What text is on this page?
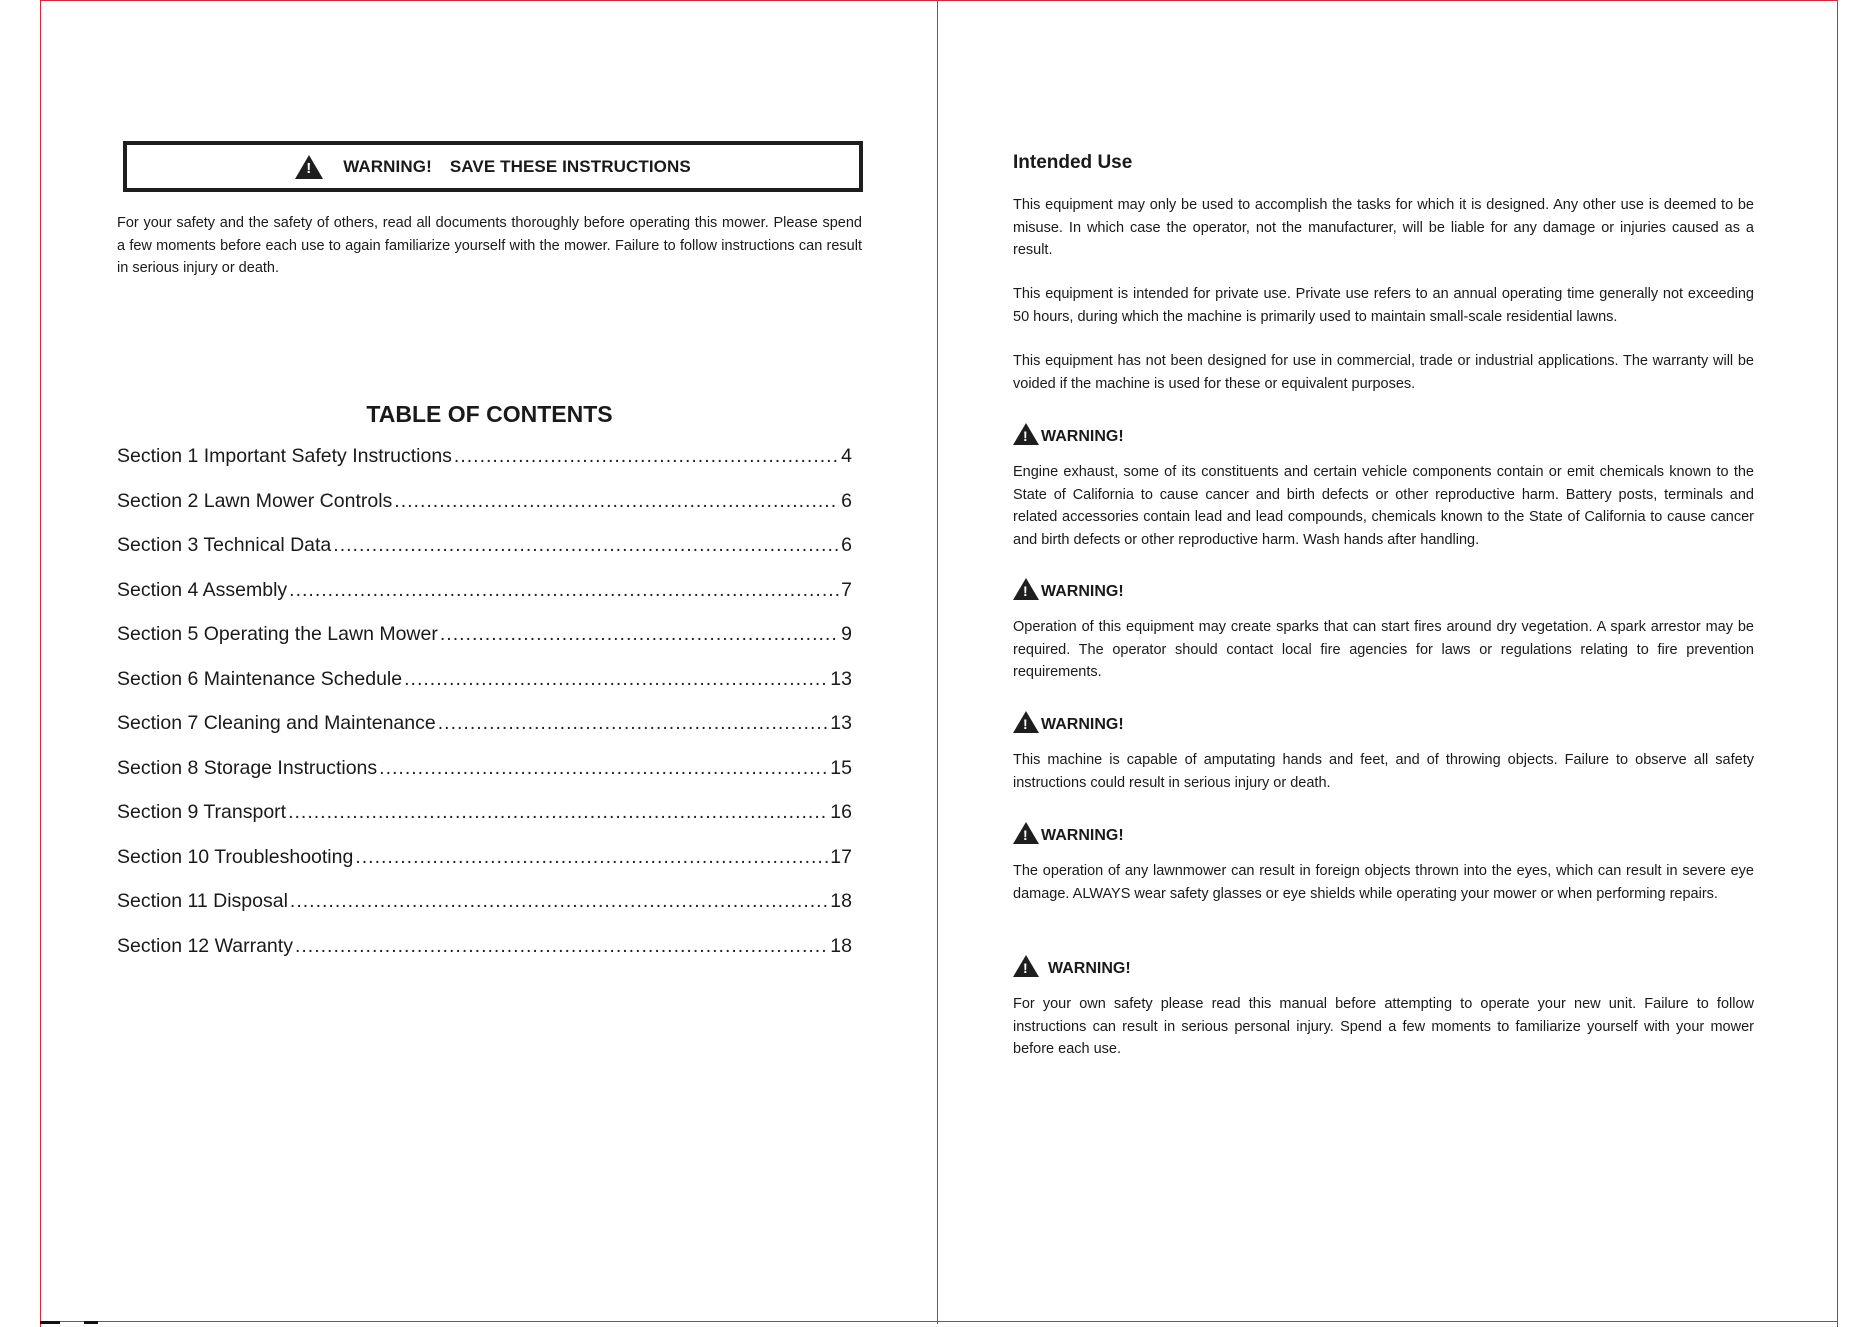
!
WARNING! SAVE THESE INSTRUCTIONS

For your safety and the safety of others, read all documents thoroughly before operating this mower. Please spend a few moments before each use to again familiarize yourself with the mower. Failure to follow instructions can result in serious injury or death.

TABLE OF CONTENTS
Section 1 Important Safety Instructions .....	4
Section 2 Lawn Mower Controls .....	6
Section 3 Technical Data .....	6
Section 4 Assembly .....	7
Section 5 Operating the Lawn Mower .....	9
Section 6 Maintenance Schedule .....	13
Section 7 Cleaning and Maintenance .....	13
Section 8 Storage Instructions .....	15
Section 9 Transport .....	16
Section 10 Troubleshooting .....	17
Section 11 Disposal .....	18
Section 12 Warranty .....	18
Intended Use

This equipment may only be used to accomplish the tasks for which it is designed. Any other use is deemed to be misuse. In which case the operator, not the manufacturer, will be liable for any damage or injuries caused as a result.

This equipment is intended for private use. Private use refers to an annual operating time generally not exceeding 50 hours, during which the machine is primarily used to maintain small-scale residential lawns.

This equipment has not been designed for use in commercial, trade or industrial applications. The warranty will be voided if the machine is used for these or equivalent purposes.

!
WARNING!

Engine exhaust, some of its constituents and certain vehicle components contain or emit chemicals known to the State of California to cause cancer and birth defects or other reproductive harm. Battery posts, terminals and related accessories contain lead and lead compounds, chemicals known to the State of California to cause cancer and birth defects or other reproductive harm. Wash hands after handling.

!
WARNING!

Operation of this equipment may create sparks that can start fires around dry vegetation. A spark arrestor may be required. The operator should contact local fire agencies for laws or regulations relating to fire prevention requirements.

!
WARNING!

This machine is capable of amputating hands and feet, and of throwing objects. Failure to observe all safety instructions could result in serious injury or death.

!
WARNING!

The operation of any lawnmower can result in foreign objects thrown into the eyes, which can result in severe eye damage. ALWAYS wear safety glasses or eye shields while operating your mower or when performing repairs.

!
WARNING!

For your own safety please read this manual before attempting to operate your new unit. Failure to follow instructions can result in serious personal injury. Spend a few moments to familiarize yourself with your mower before each use.
